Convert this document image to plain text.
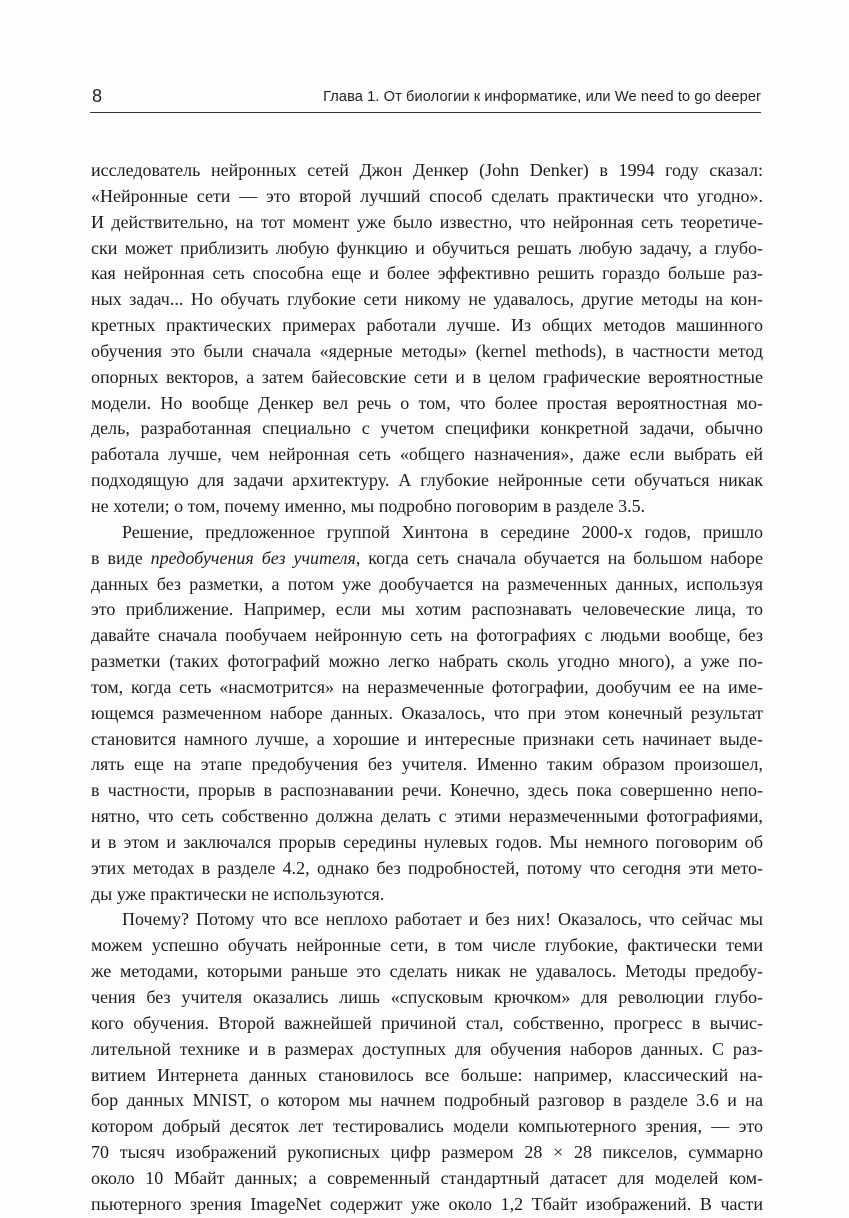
8	Глава 1. От биологии к информатике, или We need to go deeper
исследователь нейронных сетей Джон Денкер (John Denker) в 1994 году сказал:
«Нейронные сети — это второй лучший способ сделать практически что угодно».
И действительно, на тот момент уже было известно, что нейронная сеть теоретиче-
ски может приблизить любую функцию и обучиться решать любую задачу, а глубо-
кая нейронная сеть способна еще и более эффективно решить гораздо больше раз-
ных задач... Но обучать глубокие сети никому не удавалось, другие методы на кон-
кретных практических примерах работали лучше. Из общих методов машинного
обучения это были сначала «ядерные методы» (kernel methods), в частности метод
опорных векторов, а затем байесовские сети и в целом графические вероятностные
модели. Но вообще Денкер вел речь о том, что более простая вероятностная мо-
дель, разработанная специально с учетом специфики конкретной задачи, обычно
работала лучше, чем нейронная сеть «общего назначения», даже если выбрать ей
подходящую для задачи архитектуру. А глубокие нейронные сети обучаться никак
не хотели; о том, почему именно, мы подробно поговорим в разделе 3.5.
Решение, предложенное группой Хинтона в середине 2000-х годов, пришло
в виде предобучения без учителя, когда сеть сначала обучается на большом наборе
данных без разметки, а потом уже дообучается на размеченных данных, используя
это приближение. Например, если мы хотим распознавать человеческие лица, то
давайте сначала пообучаем нейронную сеть на фотографиях с людьми вообще, без
разметки (таких фотографий можно легко набрать сколь угодно много), а уже по-
том, когда сеть «насмотрится» на неразмеченные фотографии, дообучим ее на име-
ющемся размеченном наборе данных. Оказалось, что при этом конечный результат
становится намного лучше, а хорошие и интересные признаки сеть начинает выде-
лять еще на этапе предобучения без учителя. Именно таким образом произошел,
в частности, прорыв в распознавании речи. Конечно, здесь пока совершенно непо-
нятно, что сеть собственно должна делать с этими неразмеченными фотографиями,
и в этом и заключался прорыв середины нулевых годов. Мы немного поговорим об
этих методах в разделе 4.2, однако без подробностей, потому что сегодня эти мето-
ды уже практически не используются.
Почему? Потому что все неплохо работает и без них! Оказалось, что сейчас мы
можем успешно обучать нейронные сети, в том числе глубокие, фактически теми
же методами, которыми раньше это сделать никак не удавалось. Методы предобу-
чения без учителя оказались лишь «спусковым крючком» для революции глубо-
кого обучения. Второй важнейшей причиной стал, собственно, прогресс в вычис-
лительной технике и в размерах доступных для обучения наборов данных. С раз-
витием Интернета данных становилось все больше: например, классический на-
бор данных MNIST, о котором мы начнем подробный разговор в разделе 3.6 и на
котором добрый десяток лет тестировались модели компьютерного зрения, — это
70 тысяч изображений рукописных цифр размером 28 × 28 пикселов, суммарно
около 10 Мбайт данных; а современный стандартный датасет для моделей ком-
пьютерного зрения ImageNet содержит уже около 1,2 Тбайт изображений. В части
